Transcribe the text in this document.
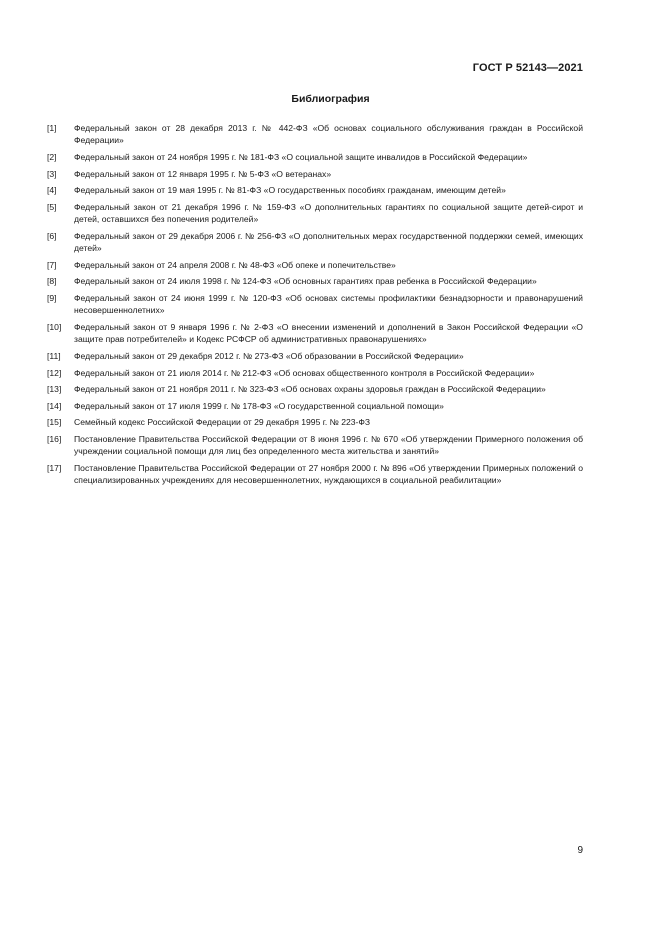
ГОСТ Р 52143—2021
Библиография
[1]	Федеральный закон от 28 декабря 2013 г. № 442-ФЗ «Об основах социального обслуживания граждан в Российской Федерации»
[2]	Федеральный закон от 24 ноября 1995 г. № 181-ФЗ «О социальной защите инвалидов в Российской Федерации»
[3]	Федеральный закон от 12 января 1995 г. № 5-ФЗ «О ветеранах»
[4]	Федеральный закон от 19 мая 1995 г. № 81-ФЗ «О государственных пособиях гражданам, имеющим детей»
[5]	Федеральный закон от 21 декабря 1996 г. № 159-ФЗ «О дополнительных гарантиях по социальной защите детей-сирот и детей, оставшихся без попечения родителей»
[6]	Федеральный закон от 29 декабря 2006 г. № 256-ФЗ «О дополнительных мерах государственной поддержки семей, имеющих детей»
[7]	Федеральный закон от 24 апреля 2008 г. № 48-ФЗ «Об опеке и попечительстве»
[8]	Федеральный закон от 24 июля 1998 г. № 124-ФЗ «Об основных гарантиях прав ребенка в Российской Федерации»
[9]	Федеральный закон от 24 июня 1999 г. № 120-ФЗ «Об основах системы профилактики безнадзорности и правонарушений несовершеннолетних»
[10]	Федеральный закон от 9 января 1996 г. № 2-ФЗ «О внесении изменений и дополнений в Закон Российской Федерации «О защите прав потребителей» и Кодекс РСФСР об административных правонарушениях»
[11]	Федеральный закон от 29 декабря 2012 г. № 273-ФЗ «Об образовании в Российской Федерации»
[12]	Федеральный закон от 21 июля 2014 г. № 212-ФЗ «Об основах общественного контроля в Российской Федерации»
[13]	Федеральный закон от 21 ноября 2011 г. № 323-ФЗ «Об основах охраны здоровья граждан в Российской Федерации»
[14]	Федеральный закон от 17 июля 1999 г. № 178-ФЗ «О государственной социальной помощи»
[15]	Семейный кодекс Российской Федерации от 29 декабря 1995 г. № 223-ФЗ
[16]	Постановление Правительства Российской Федерации от 8 июня 1996 г. № 670 «Об утверждении Примерного положения об учреждении социальной помощи для лиц без определенного места жительства и занятий»
[17]	Постановление Правительства Российской Федерации от 27 ноября 2000 г. № 896 «Об утверждении Примерных положений о специализированных учреждениях для несовершеннолетних, нуждающихся в социальной реабилитации»
9
